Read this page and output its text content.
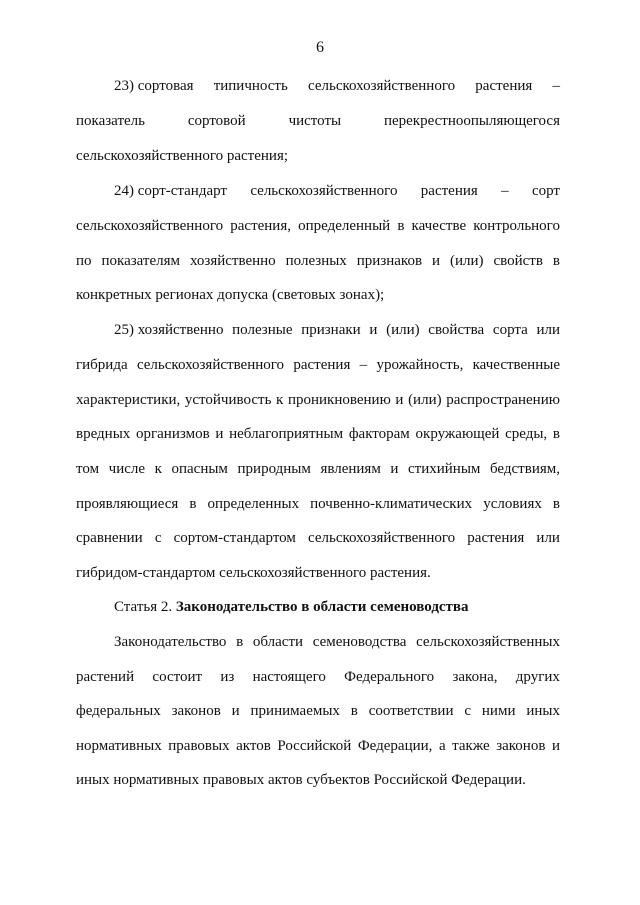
6
23) сортовая типичность сельскохозяйственного растения –
показатель	сортовой	чистоты	перекрестноопыляющегося
сельскохозяйственного растения;
24) сорт-стандарт сельскохозяйственного растения – сорт
сельскохозяйственного растения, определенный в качестве контрольного
по показателям хозяйственно полезных признаков и (или) свойств в
конкретных регионах допуска (световых зонах);
25) хозяйственно полезные признаки и (или) свойства сорта или
гибрида сельскохозяйственного растения – урожайность, качественные
характеристики, устойчивость к проникновению и (или) распространению
вредных организмов и неблагоприятным факторам окружающей среды, в
том числе к опасным природным явлениям и стихийным бедствиям,
проявляющиеся в определенных почвенно-климатических условиях в
сравнении с сортом-стандартом сельскохозяйственного растения или
гибридом-стандартом сельскохозяйственного растения.
Статья 2. Законодательство в области семеноводства
Законодательство в области семеноводства сельскохозяйственных
растений состоит из настоящего Федерального закона, других
федеральных законов и принимаемых в соответствии с ними иных
нормативных правовых актов Российской Федерации, а также законов и
иных нормативных правовых актов субъектов Российской Федерации.
